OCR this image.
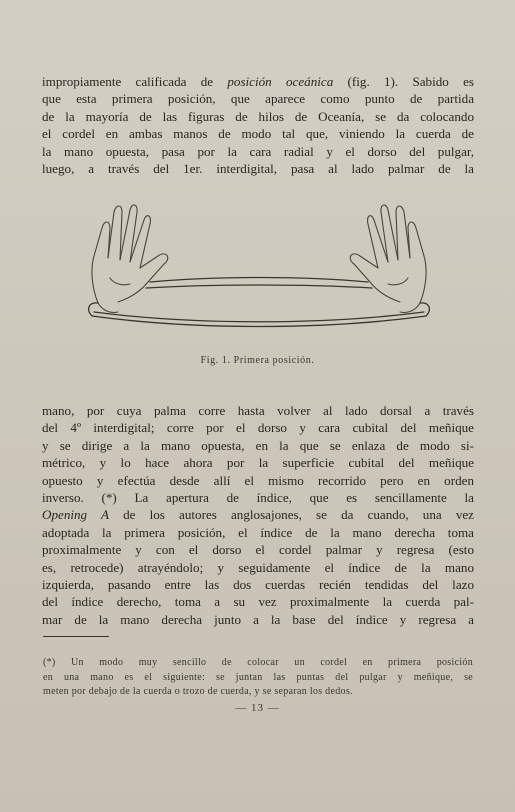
impropiamente calificada de posición oceánica (fig. 1). Sabido es
que esta primera posición, que aparece como punto de partida
de la mayoría de las figuras de hilos de Oceanía, se da colocando
el cordel en ambas manos de modo tal que, viniendo la cuerda de
la mano opuesta, pasa por la cara radial y el dorso del pulgar,
luego, a través del 1er. interdigital, pasa al lado palmar de la
Fig. 1. Primera posición.
mano, por cuya palma corre hasta volver al lado dorsal a través
del 4º interdigital; corre por el dorso y cara cubital del meñique
y se dirige a la mano opuesta, en la que se enlaza de modo si-
métrico, y lo hace ahora por la superficie cubital del meñique
opuesto y efectúa desde allí el mismo recorrido pero en orden
inverso. (*) La apertura de índice, que es sencillamente la
Opening A de los autores anglosajones, se da cuando, una vez
adoptada la primera posición, el índice de la mano derecha toma
proximalmente y con el dorso el cordel palmar y regresa (esto
es, retrocede) atrayéndolo; y seguidamente el índice de la mano
izquierda, pasando entre las dos cuerdas recién tendidas del lazo
del índice derecho, toma a su vez proximalmente la cuerda pal-
mar de la mano derecha junto a la base del índice y regresa a
(*) Un modo muy sencillo de colocar un cordel en primera posición
en una mano es el siguiente: se juntan las puntas del pulgar y meñique, se
meten por debajo de la cuerda o trozo de cuerda, y se separan los dedos.
— 13 —
